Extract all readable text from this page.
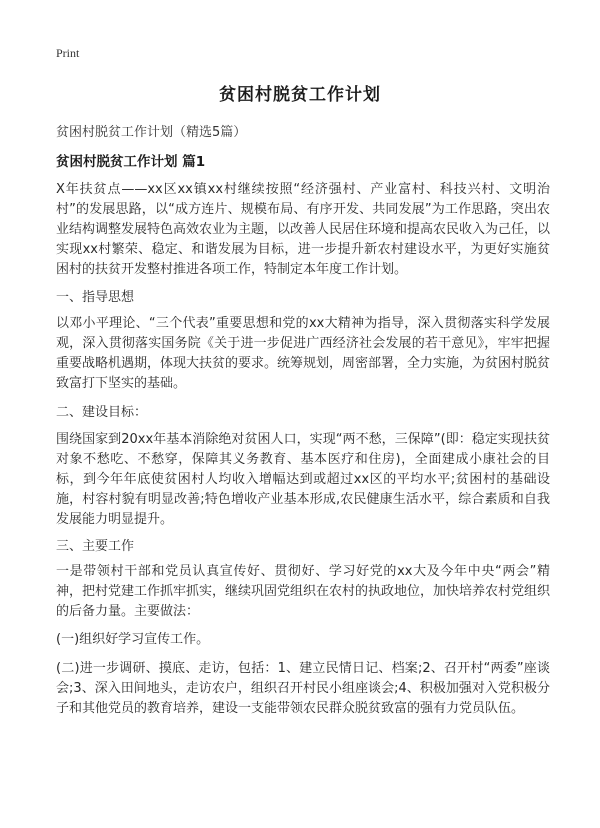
Print
贫困村脱贫工作计划
贫困村脱贫工作计划（精选5篇）
贫困村脱贫工作计划 篇1
X年扶贫点——xx区xx镇xx村继续按照“经济强村、产业富村、科技兴村、文明治村”的发展思路，以“成方连片、规模布局、有序开发、共同发展”为工作思路，突出农业结构调整发展特色高效农业为主题，以改善人民居住环境和提高农民收入为己任，以实现xx村繁荣、稳定、和谐发展为目标，进一步提升新农村建设水平，为更好实施贫困村的扶贫开发整村推进各项工作，特制定本年度工作计划。
一、指导思想
以邓小平理论、“三个代表”重要思想和党的xx大精神为指导，深入贯彻落实科学发展观，深入贯彻落实国务院《关于进一步促进广西经济社会发展的若干意见》，牢牢把握重要战略机遇期，体现大扶贫的要求。统筹规划，周密部署，全力实施，为贫困村脱贫致富打下坚实的基础。
二、建设目标：
围绕国家到20xx年基本消除绝对贫困人口，实现“两不愁，三保障”(即：稳定实现扶贫对象不愁吃、不愁穿，保障其义务教育、基本医疗和住房)，全面建成小康社会的目标，到今年年底使贫困村人均收入增幅达到或超过xx区的平均水平;贫困村的基础设施，村容村貌有明显改善;特色增收产业基本形成,农民健康生活水平，综合素质和自我发展能力明显提升。
三、主要工作
一是带领村干部和党员认真宣传好、贯彻好、学习好党的xx大及今年中央“两会”精神，把村党建工作抓牢抓实，继续巩固党组织在农村的执政地位，加快培养农村党组织的后备力量。主要做法：
(一)组织好学习宣传工作。
(二)进一步调研、摸底、走访，包括：1、建立民情日记、档案;2、召开村“两委”座谈会;3、深入田间地头，走访农户，组织召开村民小组座谈会;4、积极加强对入党积极分子和其他党员的教育培养，建设一支能带领农民群众脱贫致富的强有力党员队伍。
